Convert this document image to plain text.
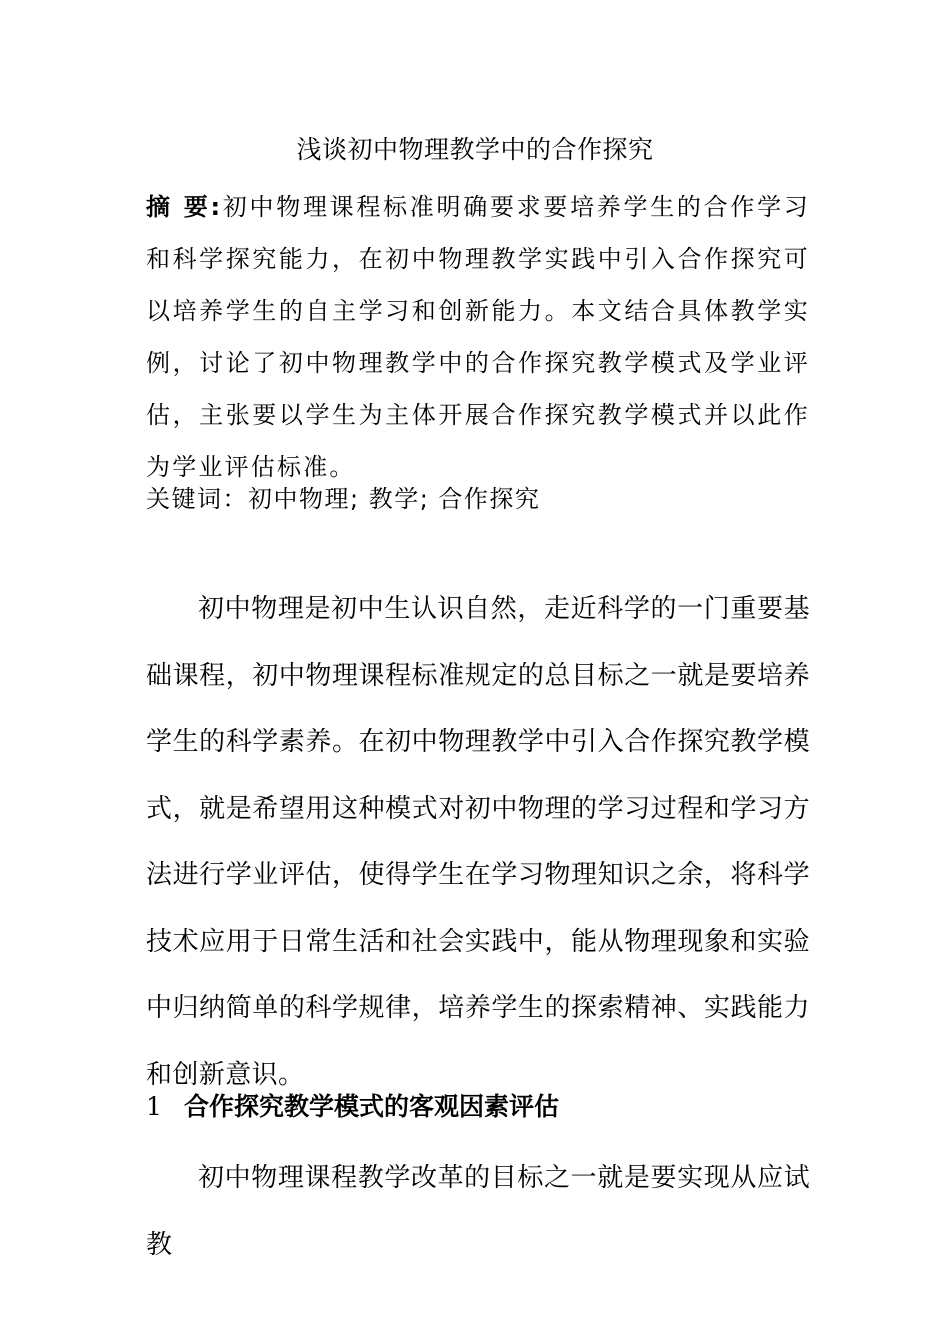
浅谈初中物理教学中的合作探究
摘 要:初中物理课程标准明确要求要培养学生的合作学习和科学探究能力，在初中物理教学实践中引入合作探究可以培养学生的自主学习和创新能力。本文结合具体教学实例，讨论了初中物理教学中的合作探究教学模式及学业评估，主张要以学生为主体开展合作探究教学模式并以此作为学业评估标准。
关键词：初中物理; 教学; 合作探究
初中物理是初中生认识自然，走近科学的一门重要基础课程，初中物理课程标准规定的总目标之一就是要培养学生的科学素养。在初中物理教学中引入合作探究教学模式，就是希望用这种模式对初中物理的学习过程和学习方法进行学业评估，使得学生在学习物理知识之余，将科学技术应用于日常生活和社会实践中，能从物理现象和实验中归纳简单的科学规律，培养学生的探索精神、实践能力和创新意识。
1 合作探究教学模式的客观因素评估
初中物理课程教学改革的目标之一就是要实现从应试教
